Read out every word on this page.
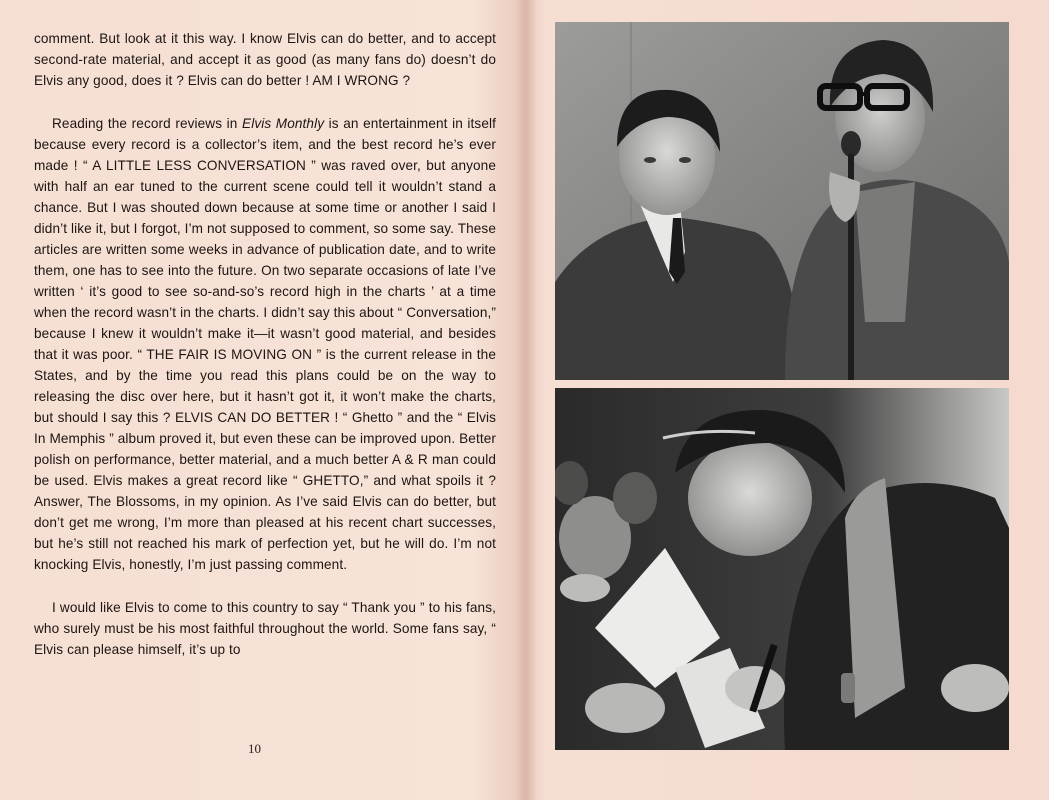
comment. But look at it this way. I know Elvis can do better, and to accept second-rate material, and accept it as good (as many fans do) doesn’t do Elvis any good, does it ? Elvis can do better ! AM I WRONG ?

Reading the record reviews in Elvis Monthly is an entertainment in itself because every record is a collector’s item, and the best record he’s ever made ! “ A LITTLE LESS CONVERSATION ” was raved over, but anyone with half an ear tuned to the current scene could tell it wouldn’t stand a chance. But I was shouted down because at some time or another I said I didn’t like it, but I forgot, I’m not supposed to comment, so some say. These articles are written some weeks in advance of publication date, and to write them, one has to see into the future. On two separate occasions of late I’ve written ‘ it’s good to see so-and-so’s record high in the charts ’ at a time when the record wasn’t in the charts. I didn’t say this about “ Conversation,” because I knew it wouldn’t make it—it wasn’t good material, and besides that it was poor. “ THE FAIR IS MOVING ON ” is the current release in the States, and by the time you read this plans could be on the way to releasing the disc over here, but it hasn’t got it, it won’t make the charts, but should I say this ? ELVIS CAN DO BETTER ! “ Ghetto ” and the “ Elvis In Memphis ” album proved it, but even these can be improved upon. Better polish on performance, better material, and a much better A & R man could be used. Elvis makes a great record like “ GHETTO,” and what spoils it ? Answer, The Blossoms, in my opinion. As I’ve said Elvis can do better, but don’t get me wrong, I’m more than pleased at his recent chart successes, but he’s still not reached his mark of perfection yet, but he will do. I’m not knocking Elvis, honestly, I’m just passing comment.

I would like Elvis to come to this country to say “ Thank you ” to his fans, who surely must be his most faithful throughout the world. Some fans say, “ Elvis can please himself, it’s up to

10
